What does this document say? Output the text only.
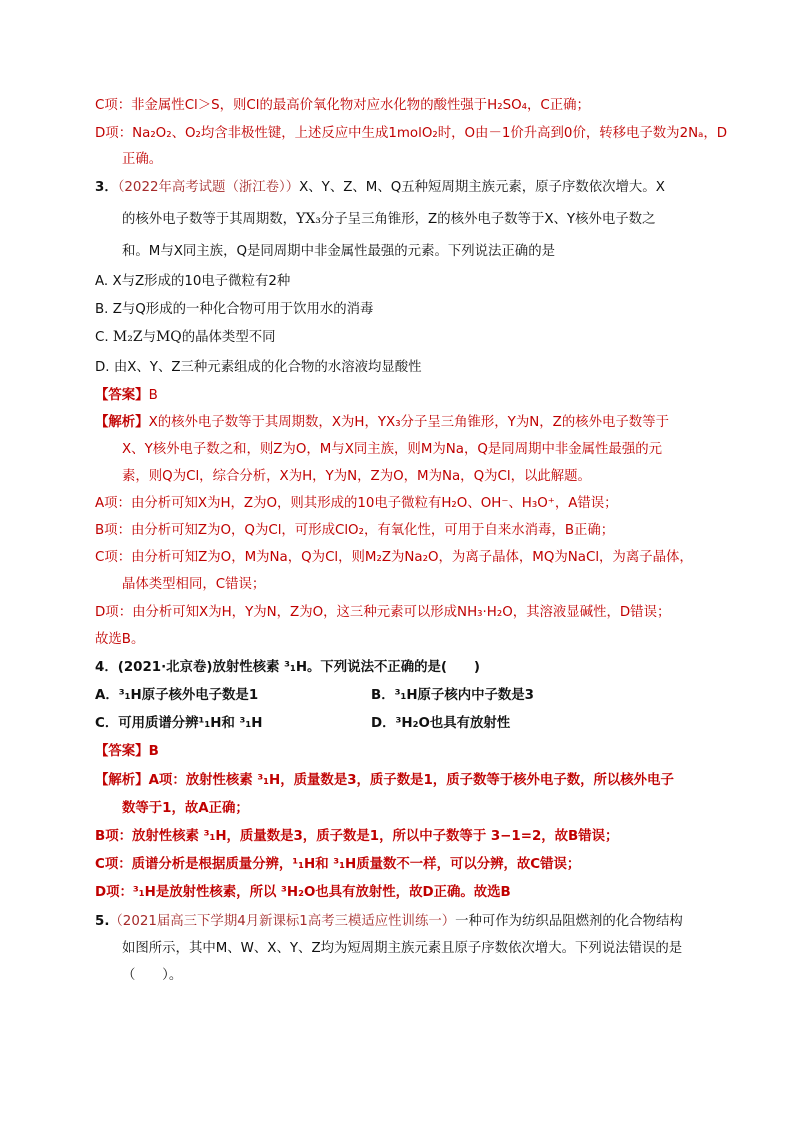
C项：非金属性Cl＞S，则Cl的最高价氧化物对应水化物的酸性强于H₂SO₄，C正确；
D项：Na₂O₂、O₂均含非极性键，上述反应中生成1molO₂时，O由－1价升高到0价，转移电子数为2Nₐ，D
正确。
3．（2022年高考试题（浙江卷））X、Y、Z、M、Q五种短周期主族元素，原子序数依次增大。X
的核外电子数等于其周期数，YX₃分子呈三角锥形，Z的核外电子数等于X、Y核外电子数之
和。M与X同主族，Q是同周期中非金属性最强的元素。下列说法正确的是
A. X与Z形成的10电子微粒有2种
B. Z与Q形成的一种化合物可用于饮用水的消毒
C. M₂Z与MQ的晶体类型不同
D. 由X、Y、Z三种元素组成的化合物的水溶液均显酸性
【答案】B
【解析】X的核外电子数等于其周期数，X为H，YX₃分子呈三角锥形，Y为N，Z的核外电子数等于
X、Y核外电子数之和，则Z为O，M与X同主族，则M为Na，Q是同周期中非金属性最强的元
素，则Q为Cl，综合分析，X为H，Y为N，Z为O，M为Na，Q为Cl，以此解题。
A项：由分析可知X为H，Z为O，则其形成的10电子微粒有H₂O、OH⁻、H₃O⁺，A错误；
B项：由分析可知Z为O，Q为Cl，可形成ClO₂，有氧化性，可用于自来水消毒，B正确；
C项：由分析可知Z为O，M为Na，Q为Cl，则M₂Z为Na₂O，为离子晶体，MQ为NaCl，为离子晶体，
晶体类型相同，C错误；
D项：由分析可知X为H，Y为N，Z为O，这三种元素可以形成NH₃·H₂O，其溶液显碱性，D错误；
故选B。
4．(2021·北京卷)放射性核素 ³₁H。下列说法不正确的是(　　)
A．³₁H原子核外电子数是1	B．³₁H原子核内中子数是3
C．可用质谱分辨¹₁H和 ³₁H	D．³H₂O也具有放射性
【答案】B
【解析】A项：放射性核素 ³₁H，质量数是3，质子数是1，质子数等于核外电子数，所以核外电子
数等于1，故A正确；
B项：放射性核素 ³₁H，质量数是3，质子数是1，所以中子数等于 3−1=2，故B错误；
C项：质谱分析是根据质量分辨，¹₁H和 ³₁H质量数不一样，可以分辨，故C错误；
D项：³₁H是放射性核素，所以 ³H₂O也具有放射性，故D正确。故选B
5.（2021届高三下学期4月新课标1高考三模适应性训练一）一种可作为纺织品阻燃剂的化合物结构
如图所示，其中M、W、X、Y、Z均为短周期主族元素且原子序数依次增大。下列说法错误的是
（　　）。
